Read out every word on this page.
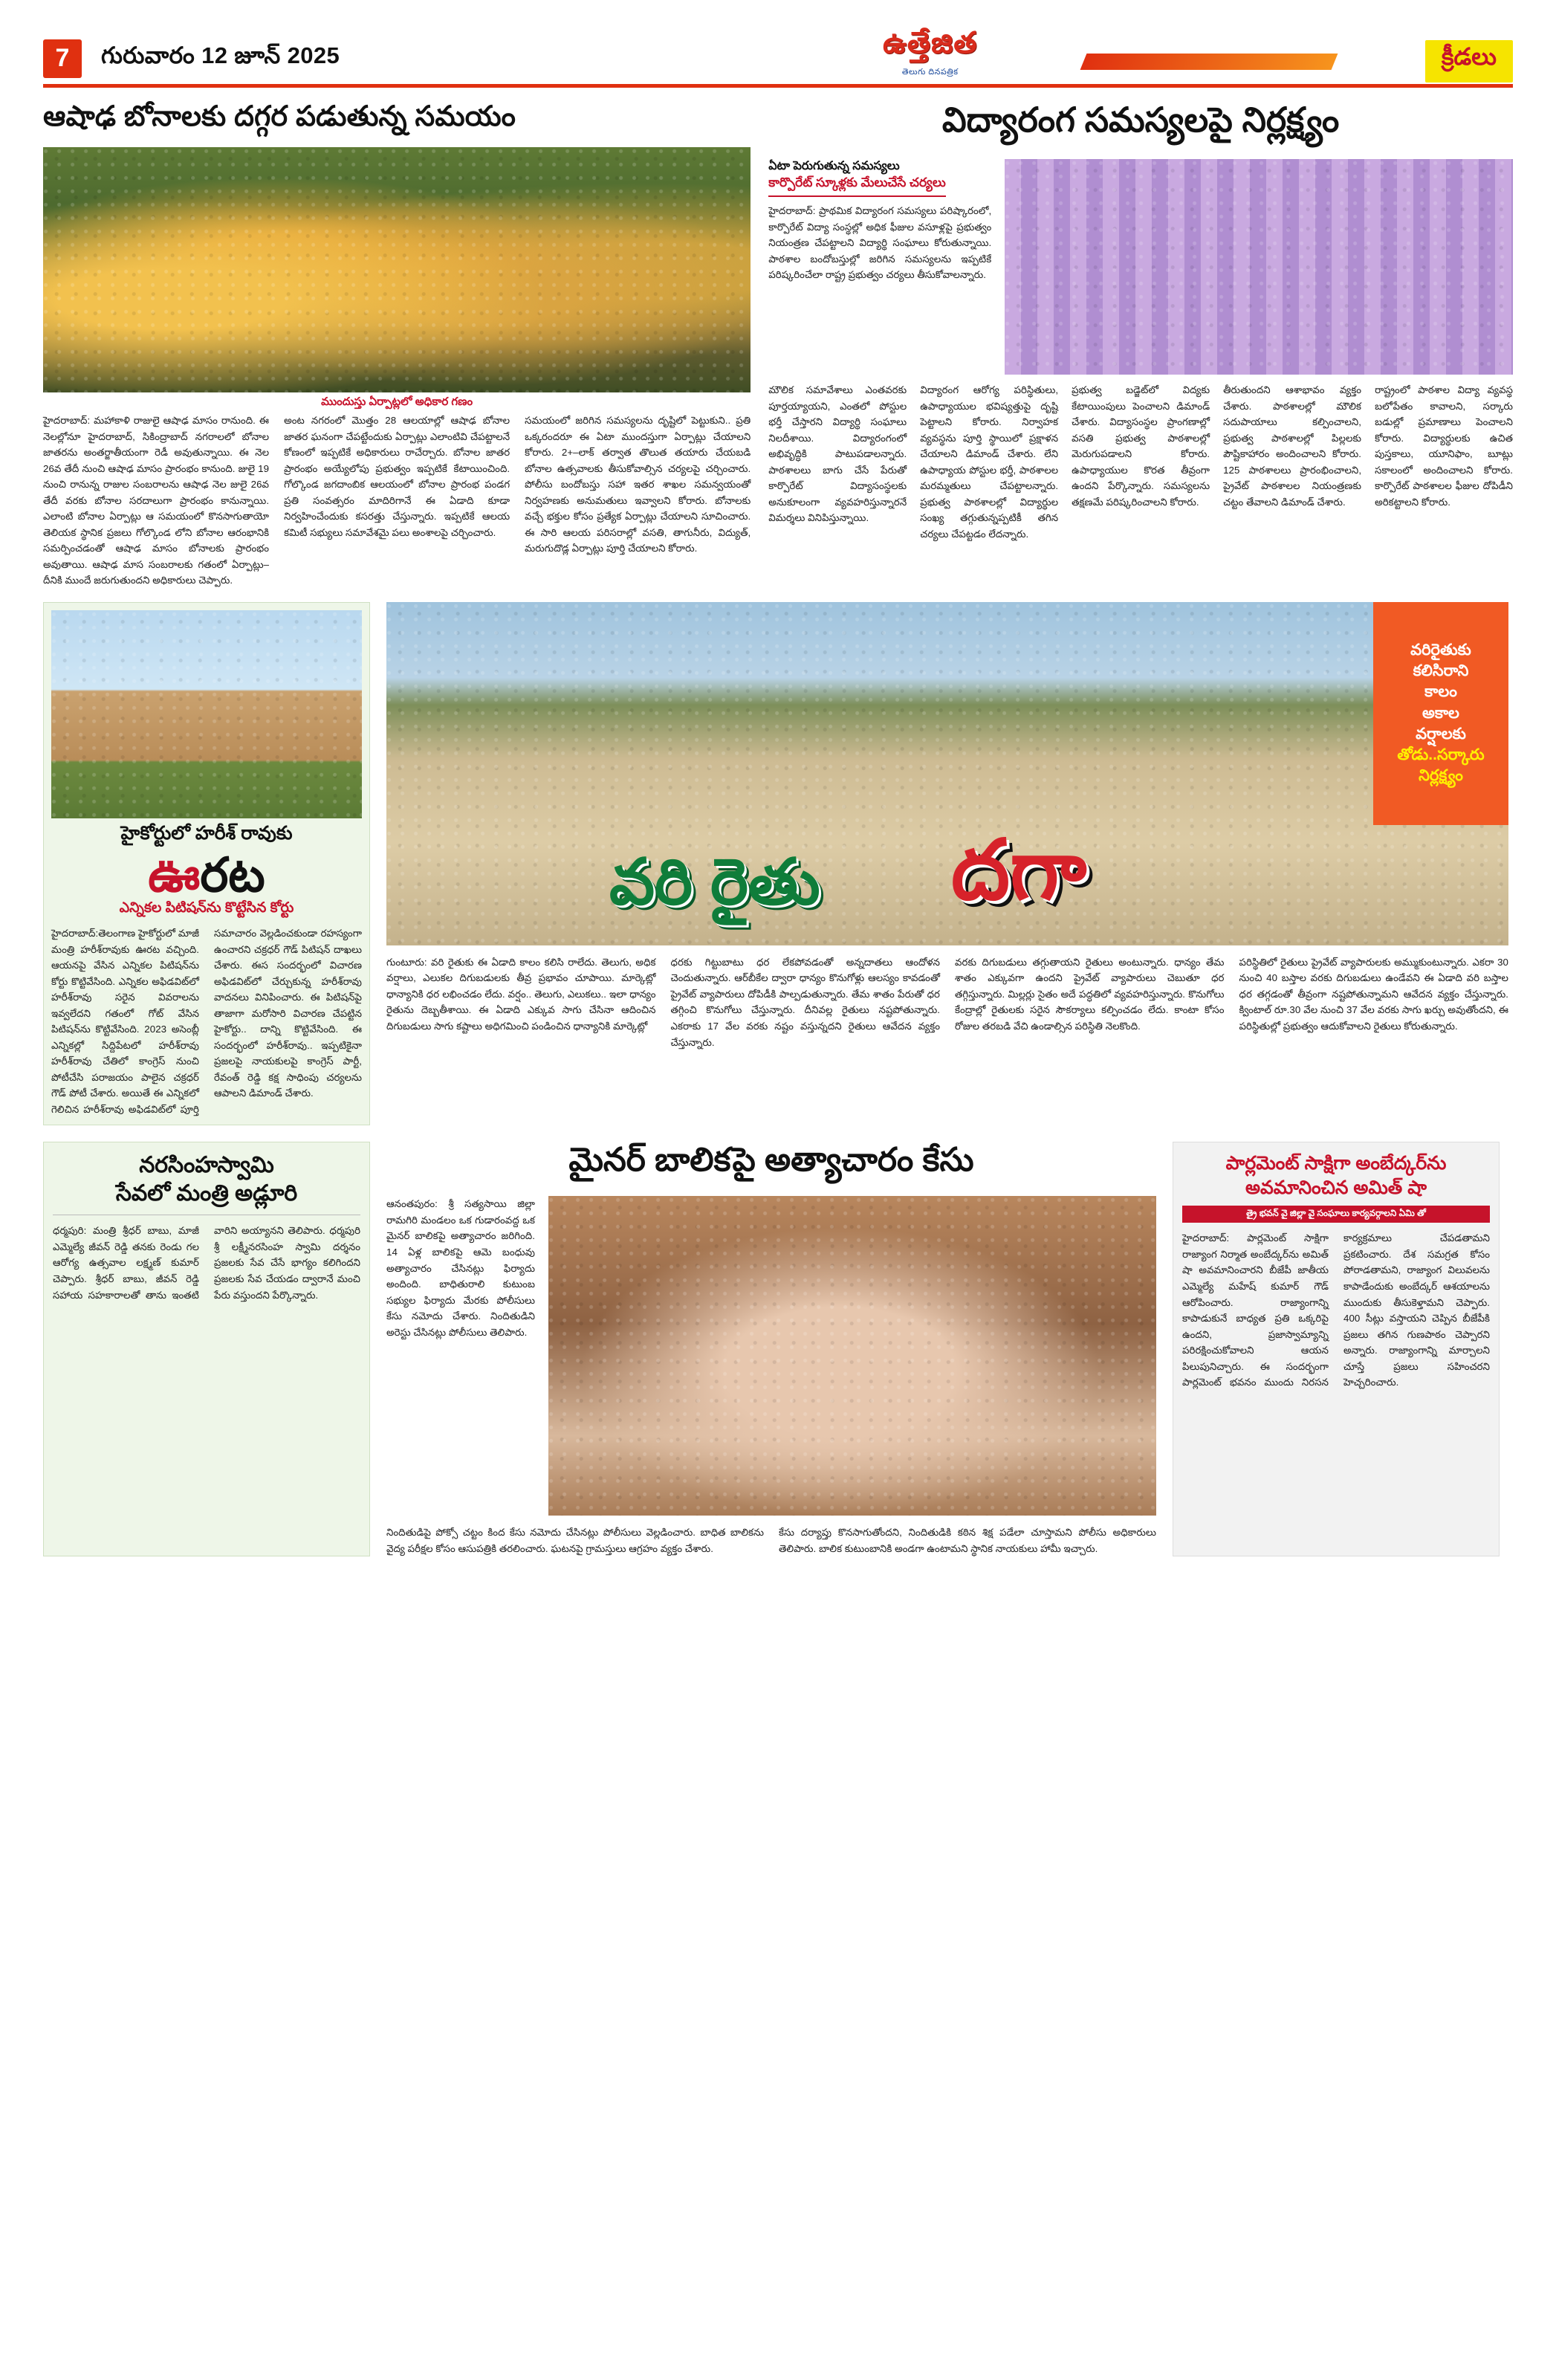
7	గురువారం 12 జూన్ 2025	ఉత్తేజిత
తెలుగు దినపత్రిక
క్రీడలు
ఆషాఢ బోనాలకు దగ్గర పడుతున్న సమయం
ముందుస్తు ఏర్పాట్లలో అధికార గణం
హైదరాబాద్: మహాకాళి రాజులై ఆషాఢ మాసం రానుంది. ఈ నెలల్లోనూ హైదరాబాద్, సికింద్రాబాద్ నగరాలలో బోనాల జాతరను అంతర్జాతీయంగా రెడీ అవుతున్నాయి. ఈ నెల 26వ తేదీ నుంచి ఆషాఢ మాసం ప్రారంభం కానుంది. జులై 19 నుంచి రానున్న రాజుల సంబరాలను ఆషాఢ నెల జులై 26వ తేదీ వరకు బోనాల సరదాలుగా ప్రారంభం కానున్నాయి. ఎలాంటి బోనాల ఏర్పాట్లు ఆ సమయంలో కొనసాగుతాయో తెలియక స్థానిక ప్రజలు గోల్కొండ లోని బోనాల ఆరంభానికి సమర్పించడంతో ఆషాఢ మాసం బోనాలకు ప్రారంభం అవుతాయి. ఆషాఢ మాస సంబరాలకు గతంలో ఏర్పాట్లు– దీనికి ముందే జరుగుతుందని అధికారులు చెప్పారు.
అంట నగరంలో మొత్తం 28 ఆలయాల్లో ఆషాఢ బోనాల జాతర ఘనంగా చేపట్టేందుకు ఏర్పాట్లు ఎలాంటివి చేపట్టాలనే కోణంలో ఇప్పటికే అధికారులు రాచేర్చారు. బోనాల జాతర ప్రారంభం అయ్యేలోపు ప్రభుత్వం ఇప్పటికే కేటాయించింది. గోల్కొండ జగదాంబిక ఆలయంలో బోనాల ప్రారంభ పండగ ప్రతి సంవత్సరం మాదిరిగానే ఈ ఏడాది కూడా నిర్వహించేందుకు కసరత్తు చేస్తున్నారు. ఇప్పటికే ఆలయ కమిటీ సభ్యులు సమావేశమై పలు అంశాలపై చర్చించారు.
సమయంలో జరిగిన సమస్యలను దృష్టిలో పెట్టుకుని.. ప్రతి ఒక్కరందరూ ఈ ఏటా ముందస్తుగా ఏర్పాట్లు చేయాలని కోరారు. 2+–లాక్ తర్వాత తొలుత తయారు చేయబడి బోనాల ఉత్సవాలకు తీసుకోవాల్సిన చర్యలపై చర్చించారు. పోలీసు బందోబస్తు సహా ఇతర శాఖల సమన్వయంతో నిర్వహణకు అనుమతులు ఇవ్వాలని కోరారు. బోనాలకు వచ్చే భక్తుల కోసం ప్రత్యేక ఏర్పాట్లు చేయాలని సూచించారు. ఈ సారి ఆలయ పరిసరాల్లో వసతి, తాగునీరు, విద్యుత్, మరుగుదొడ్ల ఏర్పాట్లు పూర్తి చేయాలని కోరారు.
విద్యారంగ సమస్యలపై నిర్లక్ష్యం
ఏటా పెరుగుతున్న సమస్యలు
కార్పొరేట్ స్కూళ్లకు మేలుచేసే చర్యలు
హైదరాబాద్: ప్రాథమిక విద్యారంగ సమస్యలు పరిష్కారంలో, కార్పొరేట్ విద్యా సంస్థల్లో అధిక ఫీజుల వసూళ్లపై ప్రభుత్వం నియంత్రణ చేపట్టాలని విద్యార్థి సంఘాలు కోరుతున్నాయి. పాఠశాల బందోబస్తుల్లో జరిగిన సమస్యలను ఇప్పటికే పరిష్కరించేలా రాష్ట్ర ప్రభుత్వం చర్యలు తీసుకోవాలన్నారు.
మౌలిక సమావేశాలు ఎంతవరకు పూర్తయ్యాయని, ఎంతలో పోస్టుల భర్తీ చేస్తారని విద్యార్థి సంఘాలు నిలదీశాయి. విద్యారంగంలో అభివృద్ధికి పాటుపడాలన్నారు. పాఠశాలలు బాగు చేసే పేరుతో కార్పొరేట్ విద్యాసంస్థలకు అనుకూలంగా వ్యవహరిస్తున్నారనే విమర్శలు వినిపిస్తున్నాయి.
విద్యారంగ ఆరోగ్య పరిస్థితులు, ఉపాధ్యాయుల భవిష్యత్తుపై దృష్టి పెట్టాలని కోరారు. నిర్వాహక వ్యవస్థను పూర్తి స్థాయిలో ప్రక్షాళన చేయాలని డిమాండ్ చేశారు. లేని ఉపాధ్యాయ పోస్టుల భర్తీ, పాఠశాలల మరమ్మతులు చేపట్టాలన్నారు. ప్రభుత్వ పాఠశాలల్లో విద్యార్థుల సంఖ్య తగ్గుతున్నప్పటికీ తగిన చర్యలు చేపట్టడం లేదన్నారు.
ప్రభుత్వ బడ్జెట్‌లో విద్యకు కేటాయింపులు పెంచాలని డిమాండ్ చేశారు. విద్యాసంస్థల ప్రాంగణాల్లో వసతి ప్రభుత్వ పాఠశాలల్లో మెరుగుపడాలని కోరారు. ఉపాధ్యాయుల కొరత తీవ్రంగా ఉందని పేర్కొన్నారు. సమస్యలను తక్షణమే పరిష్కరించాలని కోరారు.
తీరుతుందని ఆశాభావం వ్యక్తం చేశారు. పాఠశాలల్లో మౌలిక సదుపాయాలు కల్పించాలని, ప్రభుత్వ పాఠశాలల్లో పిల్లలకు పౌష్టికాహారం అందించాలని కోరారు. 125 పాఠశాలలు ప్రారంభించాలని, ప్రైవేట్ పాఠశాలల నియంత్రణకు చట్టం తేవాలని డిమాండ్ చేశారు.
రాష్ట్రంలో పాఠశాల విద్యా వ్యవస్థ బలోపేతం కావాలని, సర్కారు బడుల్లో ప్రమాణాలు పెంచాలని కోరారు. విద్యార్థులకు ఉచిత పుస్తకాలు, యూనిఫాం, బూట్లు సకాలంలో అందించాలని కోరారు. కార్పొరేట్ పాఠశాలల ఫీజుల దోపిడీని అరికట్టాలని కోరారు.
హైకోర్టులో హరీశ్ రావుకు
ఊరట
ఎన్నికల పిటిషన్‌ను కొట్టేసిన కోర్టు
హైదరాబాద్:తెలంగాణ హైకోర్టులో మాజీ మంత్రి హరీశ్‌రావుకు ఊరట వచ్చింది. ఆయనపై వేసిన ఎన్నికల పిటిషన్‌ను కోర్టు కొట్టివేసింది. ఎన్నికల అఫిడవిట్‌లో హరీశ్‌రావు సరైన వివరాలను ఇవ్వలేదని గతంలో గోట్ వేసిన పిటిషన్‌ను కొట్టివేసింది. 2023 అసెంబ్లీ ఎన్నికల్లో సిద్దిపేటలో హరీశ్‌రావు హరీశ్‌రావు చేతిలో కాంగ్రెస్ నుంచి పోటీచేసి పరాజయం పాలైన చక్రధర్ గౌడ్ పోటీ చేశారు. అయితే ఈ ఎన్నికలో గెలిచిన హరీశ్‌రావు అఫిడవిట్‌లో పూర్తి సమాచారం వెల్లడించకుండా రహస్యంగా ఉంచారని చక్రధర్ గౌడ్ పిటిషన్ దాఖలు చేశారు. ఈస సందర్భంలో విచారణ అఫిడవిట్‌లో చేర్చుకున్న హరీశ్‌రావు వాదనలు వినిపించారు. ఈ పిటిషన్‌పై తాజాగా మరోసారి విచారణ చేపట్టిన హైకోర్టు.. దాన్ని కొట్టివేసింది. ఈ సందర్భంలో హరీశ్‌రావు.. ఇప్పటికైనా ప్రజలపై నాయకులపై కాంగ్రెస్ పార్టీ, రేవంత్ రెడ్డి కక్ష సాధింపు చర్యలను ఆపాలని డిమాండ్ చేశారు.
వరి రైతు దగా
వరిరైతుకు
కలిసిరాని
కాలం
అకాల
వర్షాలకు
తోడు..సర్కారు
నిర్లక్ష్యం
గుంటూరు: వరి రైతుకు ఈ ఏడాది కాలం కలిసి రాలేదు. తెలుగు, అధిక వర్షాలు, ఎలుకల దిగుబడులకు తీవ్ర ప్రభావం చూపాయి. మార్కెట్లో ధాన్యానికి ధర లభించడం లేదు. వర్షం.. తెలుగు, ఎలుకలు.. ఇలా ధాన్యం రైతును దెబ్బతీశాయి. ఈ ఏడాది ఎక్కువ సాగు చేసినా ఆదించిన దిగుబడులు సాగు కష్టాలు అధిగమించి పండించిన ధాన్యానికి మార్కెట్లో
ధరకు గిట్టుబాటు ధర లేకపోవడంతో అన్నదాతలు ఆందోళన చెందుతున్నారు. ఆర్‌బీకేల ద్వారా ధాన్యం కొనుగోళ్లు ఆలస్యం కావడంతో ప్రైవేట్ వ్యాపారులు దోపిడీకి పాల్పడుతున్నారు. తేమ శాతం పేరుతో ధర తగ్గించి కొనుగోలు చేస్తున్నారు. దీనివల్ల రైతులు నష్టపోతున్నారు. ఎకరాకు 17 వేల వరకు నష్టం వస్తున్నదని రైతులు ఆవేదన వ్యక్తం చేస్తున్నారు.
వరకు దిగుబడులు తగ్గుతాయని రైతులు అంటున్నారు. ధాన్యం తేమ శాతం ఎక్కువగా ఉందని ప్రైవేట్ వ్యాపారులు చెబుతూ ధర తగ్గిస్తున్నారు. మిల్లర్లు సైతం అదే పద్ధతిలో వ్యవహరిస్తున్నారు. కొనుగోలు కేంద్రాల్లో రైతులకు సరైన సౌకర్యాలు కల్పించడం లేదు. కాంటా కోసం రోజుల తరబడి వేచి ఉండాల్సిన పరిస్థితి నెలకొంది.
పరిస్థితిలో రైతులు ప్రైవేట్ వ్యాపారులకు అమ్ముకుంటున్నారు. ఎకరా 30 నుంచి 40 బస్తాల వరకు దిగుబడులు ఉండేవని ఈ ఏడాది వరి బస్తాల ధర తగ్గడంతో తీవ్రంగా నష్టపోతున్నామని ఆవేదన వ్యక్తం చేస్తున్నారు. క్వింటాల్ రూ.30 వేల నుంచి 37 వేల వరకు సాగు ఖర్చు అవుతోందని, ఈ పరిస్థితుల్లో ప్రభుత్వం ఆదుకోవాలని రైతులు కోరుతున్నారు.
నరసింహస్వామి
సేవలో మంత్రి అడ్లూరి
ధర్మపురి: మంత్రి శ్రీధర్ బాబు, మాజీ ఎమ్మెల్యే జీవన్ రెడ్డి తనకు రెండు గల ఆరోగ్య ఉత్సవాల లక్ష్మణ్ కుమార్ చెప్పారు. శ్రీధర్ బాబు, జీవన్ రెడ్డి సహాయ సహకారాలతో తాను ఇంతటి వారిని అయ్యానని తెలిపారు. ధర్మపురి శ్రీ లక్ష్మీనరసింహ స్వామి దర్శనం ప్రజలకు సేవ చేసే భాగ్యం కలిగిందని ప్రజలకు సేవ చేయడం ద్వారానే మంచి పేరు వస్తుందని పేర్కొన్నారు.
మైనర్ బాలికపై అత్యాచారం కేసు
ఆనంతపురం: శ్రీ సత్యసాయి జిల్లా రామగిరి మండలం ఒక గుడారంవద్ద ఒక మైనర్ బాలికపై అత్యాచారం జరిగింది. 14 ఏళ్ల బాలికపై ఆమె బంధువు అత్యాచారం చేసినట్లు ఫిర్యాదు అందింది. బాధితురాలి కుటుంబ సభ్యుల ఫిర్యాదు మేరకు పోలీసులు కేసు నమోదు చేశారు. నిందితుడిని అరెస్టు చేసినట్లు పోలీసులు తెలిపారు.
నిందితుడిపై పోక్సో చట్టం కింద కేసు నమోదు చేసినట్లు పోలీసులు వెల్లడించారు. బాధిత బాలికను వైద్య పరీక్షల కోసం ఆసుపత్రికి తరలించారు. ఘటనపై గ్రామస్తులు ఆగ్రహం వ్యక్తం చేశారు.
కేసు దర్యాప్తు కొనసాగుతోందని, నిందితుడికి కఠిన శిక్ష పడేలా చూస్తామని పోలీసు అధికారులు తెలిపారు. బాలిక కుటుంబానికి అండగా ఉంటామని స్థానిక నాయకులు హామీ ఇచ్చారు.
పార్లమెంట్ సాక్షిగా అంబేద్కర్‌ను
అవమానించిన అమిత్ షా
త్రై భవన్ వై జిల్లా వై సంఘాలు కార్యవర్గాలని ఏమి తో
హైదరాబాద్: పార్లమెంట్ సాక్షిగా రాజ్యాంగ నిర్మాత అంబేద్కర్‌ను అమిత్ షా అవమానించారని బీజేపీ జాతీయ ఎమ్మెల్యే మహేష్ కుమార్ గౌడ్ ఆరోపించారు. రాజ్యాంగాన్ని కాపాడుకునే బాధ్యత ప్రతి ఒక్కరిపై ఉందని, ప్రజాస్వామ్యాన్ని పరిరక్షించుకోవాలని ఆయన పిలుపునిచ్చారు. ఈ సందర్భంగా పార్లమెంట్ భవనం ముందు నిరసన కార్యక్రమాలు చేపడతామని ప్రకటించారు. దేశ సమగ్రత కోసం పోరాడతామని, రాజ్యాంగ విలువలను కాపాడేందుకు అంబేద్కర్ ఆశయాలను ముందుకు తీసుకెళ్తామని చెప్పారు. 400 సీట్లు వస్తాయని చెప్పిన బీజేపీకి ప్రజలు తగిన గుణపాఠం చెప్పారని అన్నారు. రాజ్యాంగాన్ని మార్చాలని చూస్తే ప్రజలు సహించరని హెచ్చరించారు.
